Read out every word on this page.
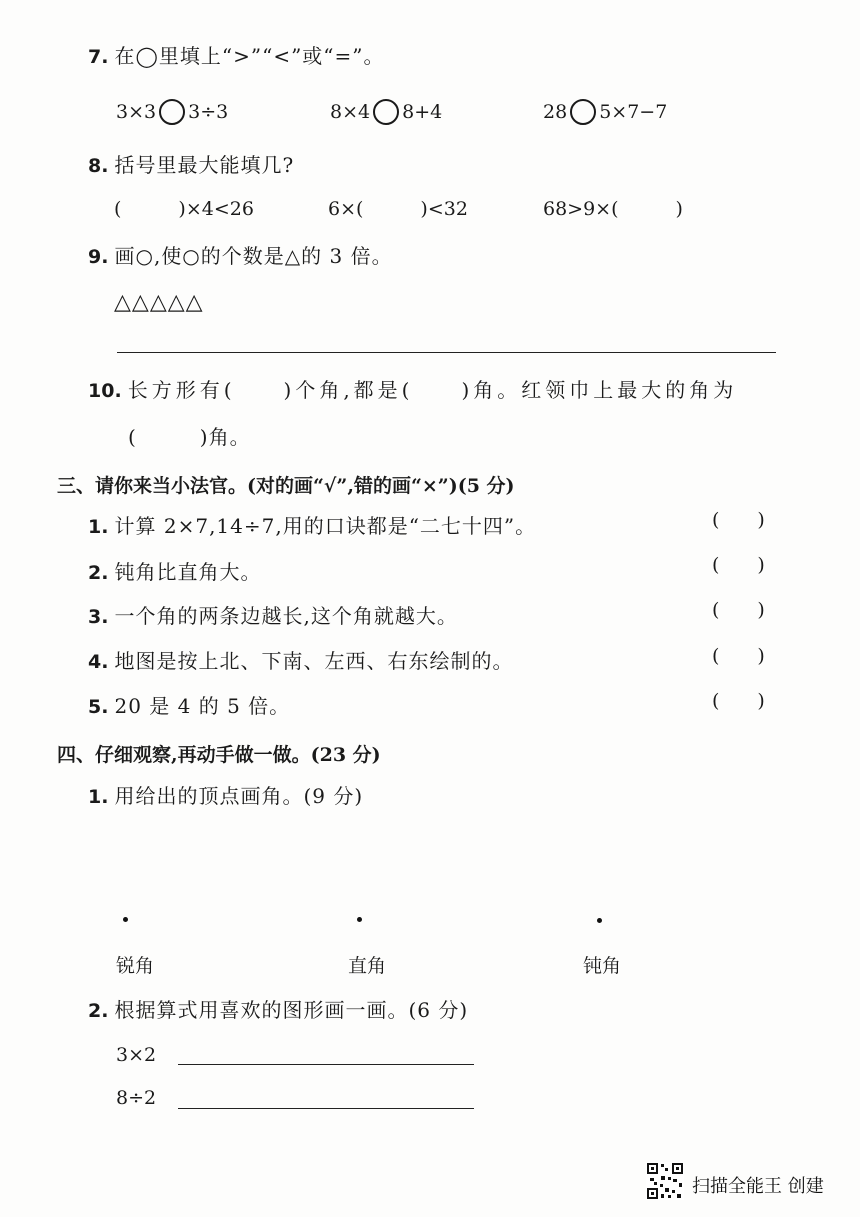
7. 在◯里填上“>”“<”或“=”。
3×3 3÷3	8×4 8+4	28 5×7−7
8. 括号里最大能填几?
(　　　)×4<26	6×(　　　)<32	68>9×(　　　)
9. 画○,使○的个数是△的 3 倍。
△△△△△
10. 长方形有(　　)个角,都是(　　)角。红领巾上最大的角为
(　　　)角。
三、请你来当小法官。(对的画“√”,错的画“×”)(5 分)
1. 计算 2×7,14÷7,用的口诀都是“二七十四”。	(　　)
2. 钝角比直角大。	(　　)
3. 一个角的两条边越长,这个角就越大。	(　　)
4. 地图是按上北、下南、左西、右东绘制的。	(　　)
5. 20 是 4 的 5 倍。	(　　)
四、仔细观察,再动手做一做。(23 分)
1. 用给出的顶点画角。(9 分)
锐角	直角	钝角
2. 根据算式用喜欢的图形画一画。(6 分)
3×2
8÷2
扫描全能王 创建
